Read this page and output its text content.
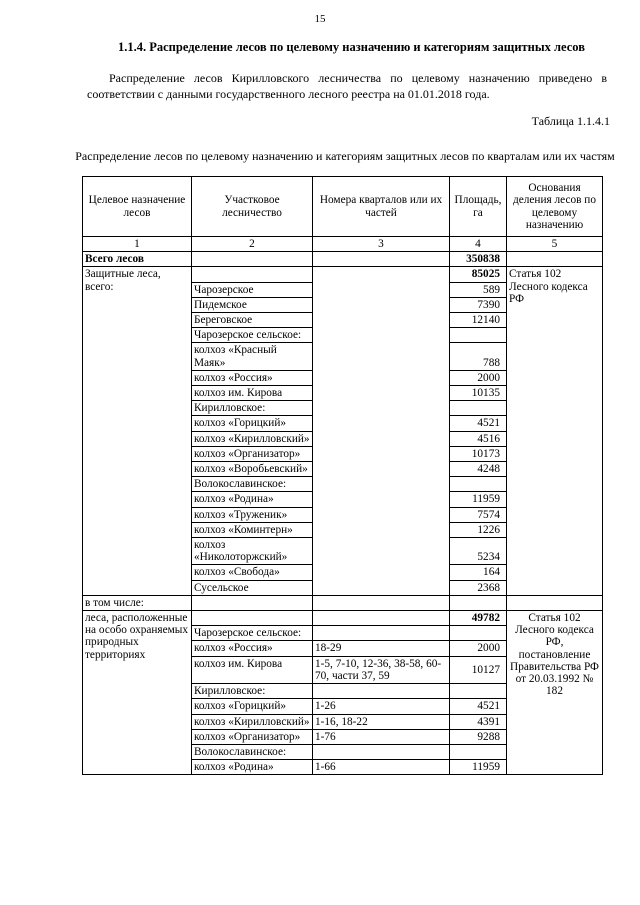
15
1.1.4. Распределение лесов по целевому назначению и категориям защитных лесов
Распределение лесов Кирилловского лесничества по целевому назначению приведено в соответствии с данными государственного лесного реестра на 01.01.2018 года.
Таблица 1.1.4.1
Распределение лесов по целевому назначению и категориям защитных лесов по кварталам или их частям
Целевое назначение лесов	Участковое лесничество	Номера кварталов или их частей	Площадь, га	Основания деления лесов по целевому назначению
1	2	3	4	5
Всего лесов			350838	
Защитные леса, всего:			85025	Статья 102 Лесного кодекса РФ
	Чарозерское		589	
	Пидемское		7390	
	Береговское		12140	
	Чарозерское сельское:			
	колхоз «Красный Маяк»		788	
	колхоз «Россия»		2000	
	колхоз им. Кирова		10135	
	Кирилловское:			
	колхоз «Горицкий»		4521	
	колхоз «Кирилловский»		4516	
	колхоз «Организатор»		10173	
	колхоз «Воробьевский»		4248	
	Волокославинское:			
	колхоз «Родина»		11959	
	колхоз «Труженик»		7574	
	колхоз «Коминтерн»		1226	
	колхоз «Николоторжский»		5234	
	колхоз «Свобода»		164	
	Сусельское		2368	
в том числе:				
леса, расположенные на особо охраняемых природных территориях			49782	Статья 102 Лесного кодекса РФ, постановление Правительства РФ от 20.03.1992 № 182
	Чарозерское сельское:			
	колхоз «Россия»	18-29	2000	
	колхоз им. Кирова	1-5, 7-10, 12-36, 38-58, 60-70, части 37, 59	10127	
	Кирилловское:			
	колхоз «Горицкий»	1-26	4521	
	колхоз «Кирилловский»	1-16, 18-22	4391	
	колхоз «Организатор»	1-76	9288	
	Волокославинское:			
	колхоз «Родина»	1-66	11959	
